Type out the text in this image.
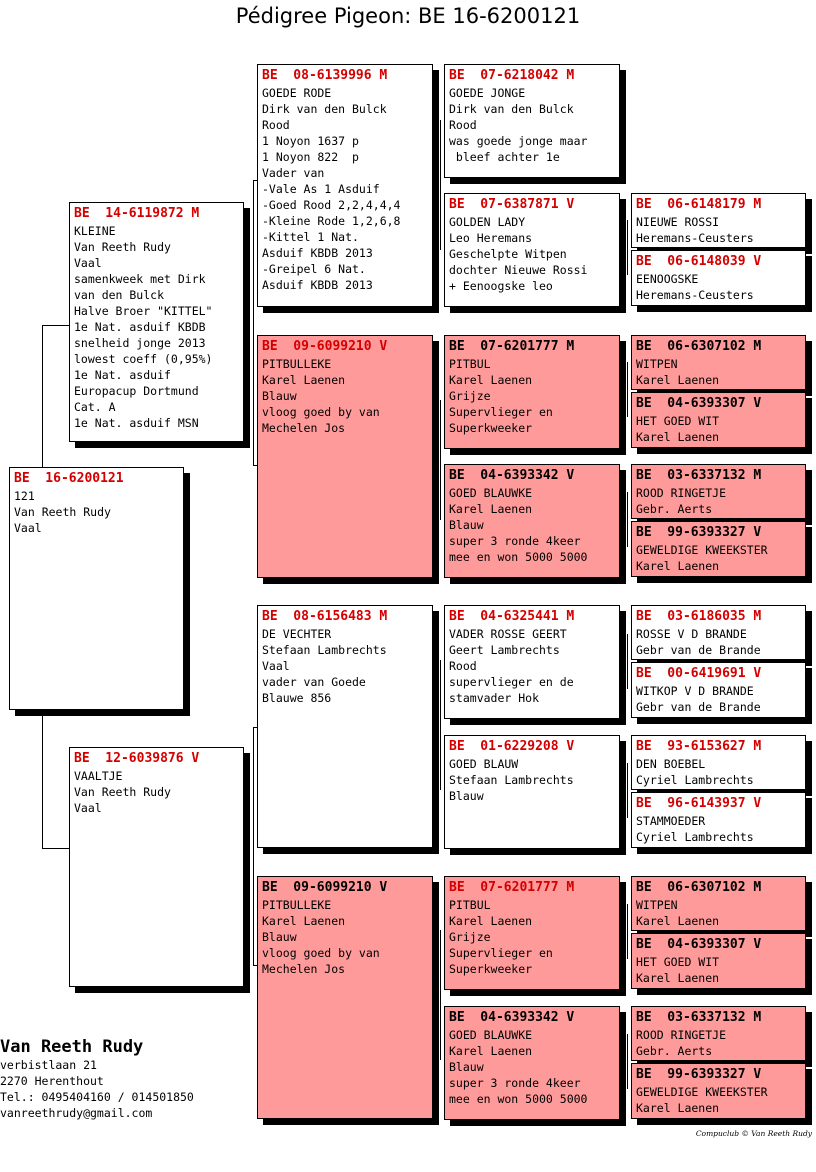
Pédigree Pigeon: BE 16-6200121
BE  16-6200121
121
Van Reeth Rudy
Vaal
BE  14-6119872 M
KLEINE
Van Reeth Rudy
Vaal
samenkweek met Dirk
van den Bulck
Halve Broer "KITTEL"
1e Nat. asduif KBDB
snelheid jonge 2013
lowest coeff (0,95%)
1e Nat. asduif
Europacup Dortmund
Cat. A
1e Nat. asduif MSN
BE  12-6039876 V
VAALTJE
Van Reeth Rudy
Vaal
BE  08-6139996 M
GOEDE RODE
Dirk van den Bulck
Rood
1 Noyon 1637 p
1 Noyon 822  p
Vader van
-Vale As 1 Asduif
-Goed Rood 2,2,4,4,4
-Kleine Rode 1,2,6,8
-Kittel 1 Nat.
Asduif KBDB 2013
-Greipel 6 Nat.
Asduif KBDB 2013
BE  09-6099210 V
PITBULLEKE
Karel Laenen
Blauw
vloog goed by van
Mechelen Jos
BE  08-6156483 M
DE VECHTER
Stefaan Lambrechts
Vaal
vader van Goede
Blauwe 856
BE  09-6099210 V
PITBULLEKE
Karel Laenen
Blauw
vloog goed by van
Mechelen Jos
BE  07-6218042 M
GOEDE JONGE
Dirk van den Bulck
Rood
was goede jonge maar
bleef achter 1e
BE  07-6387871 V
GOLDEN LADY
Leo Heremans
Geschelpte Witpen
dochter Nieuwe Rossi
+ Eenoogske leo
BE  07-6201777 M
PITBUL
Karel Laenen
Grijze
Supervlieger en
Superkweeker
BE  04-6393342 V
GOED BLAUWKE
Karel Laenen
Blauw
super 3 ronde 4keer
mee en won 5000 5000
BE  04-6325441 M
VADER ROSSE GEERT
Geert Lambrechts
Rood
supervlieger en de
stamvader Hok
BE  01-6229208 V
GOED BLAUW
Stefaan Lambrechts
Blauw
BE  07-6201777 M
PITBUL
Karel Laenen
Grijze
Supervlieger en
Superkweeker
BE  04-6393342 V
GOED BLAUWKE
Karel Laenen
Blauw
super 3 ronde 4keer
mee en won 5000 5000
BE  06-6148179 M
NIEUWE ROSSI
Heremans-Ceusters
BE  06-6148039 V
EENOOGSKE
Heremans-Ceusters
BE  06-6307102 M
WITPEN
Karel Laenen
BE  04-6393307 V
HET GOED WIT
Karel Laenen
BE  03-6337132 M
ROOD RINGETJE
Gebr. Aerts
BE  99-6393327 V
GEWELDIGE KWEEKSTER
Karel Laenen
BE  03-6186035 M
ROSSE V D BRANDE
Gebr van de Brande
BE  00-6419691 V
WITKOP V D BRANDE
Gebr van de Brande
BE  93-6153627 M
DEN BOEBEL
Cyriel Lambrechts
BE  96-6143937 V
STAMMOEDER
Cyriel Lambrechts
BE  06-6307102 M
WITPEN
Karel Laenen
BE  04-6393307 V
HET GOED WIT
Karel Laenen
BE  03-6337132 M
ROOD RINGETJE
Gebr. Aerts
BE  99-6393327 V
GEWELDIGE KWEEKSTER
Karel Laenen
Van Reeth Rudy
verbistlaan 21
2270 Herenthout
Tel.: 0495404160 / 014501850
vanreethrudy@gmail.com
Compuclub © Van Reeth Rudy
